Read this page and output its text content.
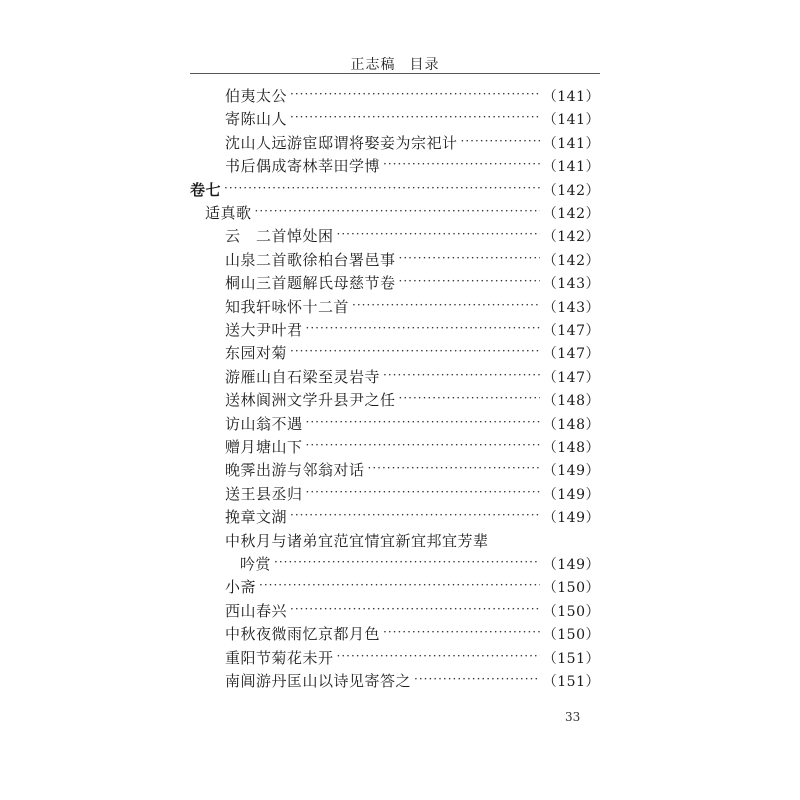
正志稿 目录
伯夷太公 ·····	（141）
寄陈山人 ·····	（141）
沈山人远游宦邸谓将娶妾为宗祀计 ·····	（141）
书后偶成寄林莘田学博 ·····	（141）
卷七 ·····	（142）
适真歌 ·····	（142）
云　二首悼处困 ·····	（142）
山泉二首歌徐柏台署邑事 ·····	（142）
桐山三首题解氏母慈节卷 ·····	（143）
知我轩咏怀十二首 ·····	（143）
送大尹叶君 ·····	（147）
东园对菊 ·····	（147）
游雁山自石梁至灵岩寺 ·····	（147）
送林阆洲文学升县尹之任 ·····	（148）
访山翁不遇 ·····	（148）
赠月塘山下 ·····	（148）
晚霁出游与邻翁对话 ·····	（149）
送王县丞归 ·····	（149）
挽章文湖 ·····	（149）
中秋月与诸弟宜范宜情宜新宜邦宜芳辈
吟赏 ·····	（149）
小斋 ·····	（150）
西山春兴 ·····	（150）
中秋夜微雨忆京都月色 ·····	（150）
重阳节菊花未开 ·····	（151）
南阊游丹匡山以诗见寄答之 ·····	（151）
33
